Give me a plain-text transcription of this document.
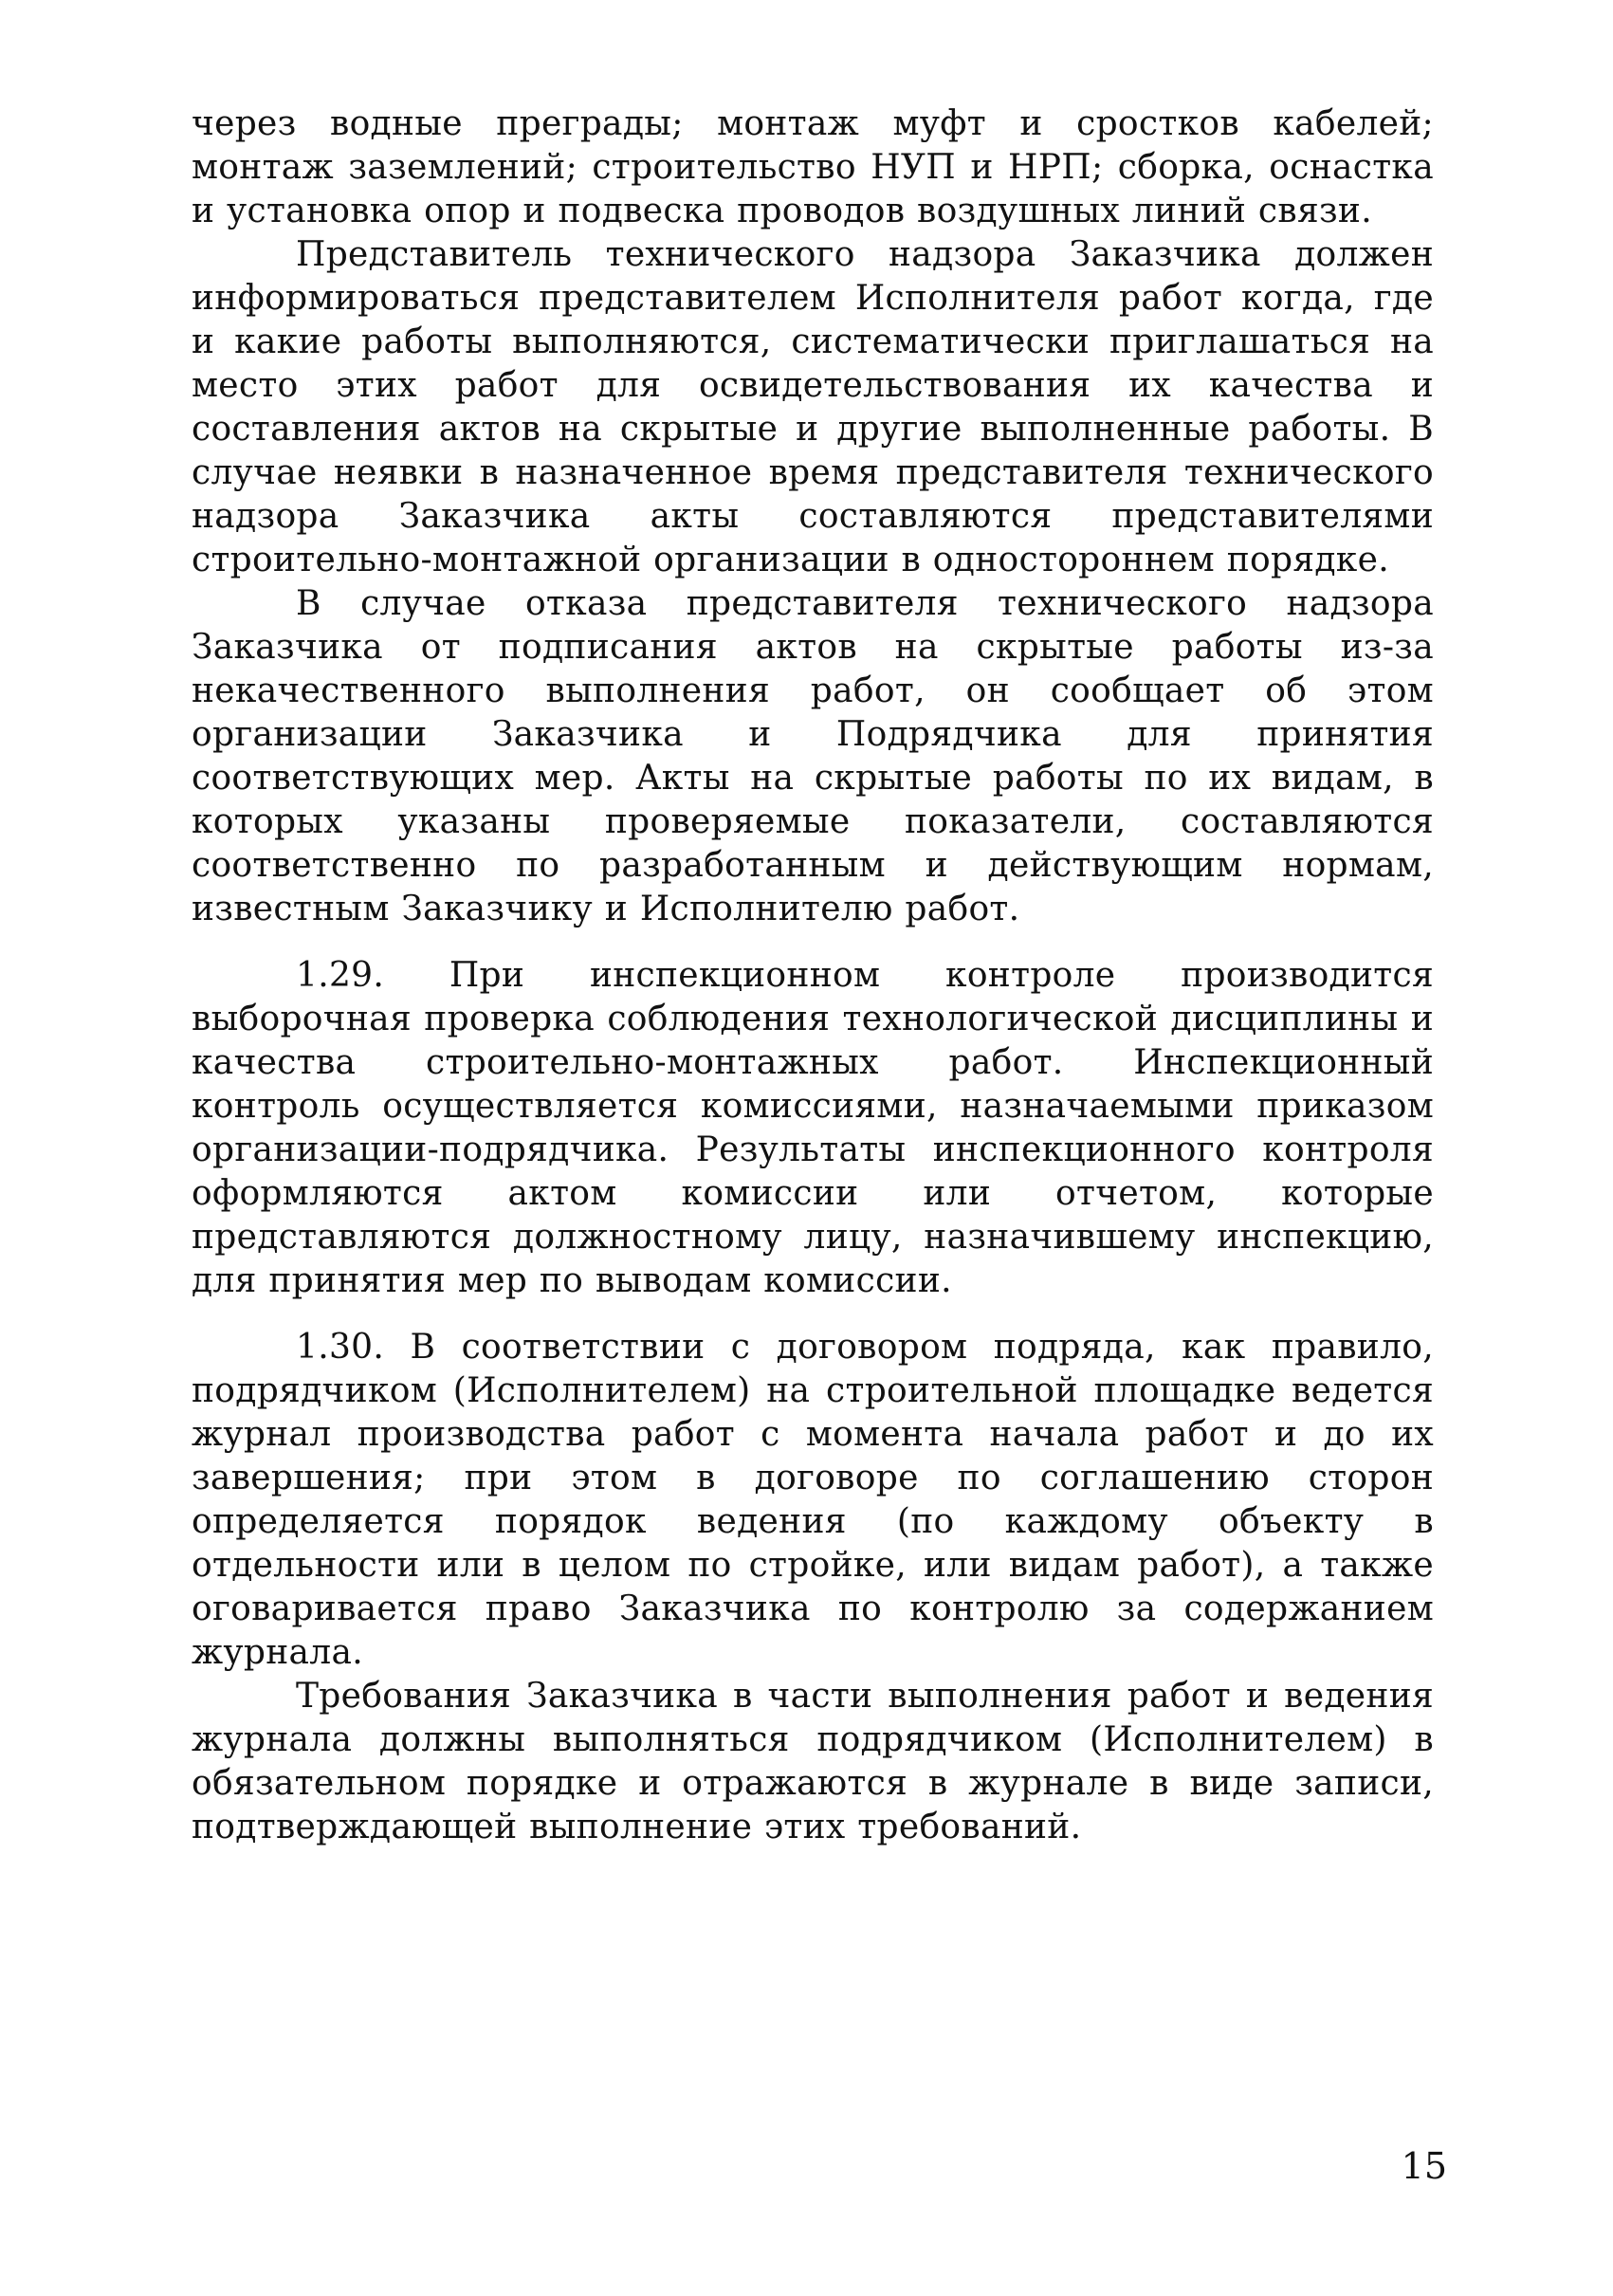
через водные преграды; монтаж муфт и сростков кабелей; монтаж заземлений; строительство НУП и НРП; сборка, оснастка и установка опор и подвеска проводов воздушных линий связи.

Представитель технического надзора Заказчика должен информироваться представителем Исполнителя работ когда, где и какие работы выполняются, систематически приглашаться на место этих работ для освидетельствования их качества и составления актов на скрытые и другие выполненные работы. В случае неявки в назначенное время представителя технического надзора Заказчика акты составляются представителями строительно-монтажной организации в одностороннем порядке.

В случае отказа представителя технического надзора Заказчика от подписания актов на скрытые работы из-за некачественного выполнения работ, он сообщает об этом организации Заказчика и Подрядчика для принятия соответствующих мер. Акты на скрытые работы по их видам, в которых указаны проверяемые показатели, составляются соответственно по разработанным и действующим нормам, известным Заказчику и Исполнителю работ.

1.29. При инспекционном контроле производится выборочная проверка соблюдения технологической дисциплины и качества строительно-монтажных работ. Инспекционный контроль осуществляется комиссиями, назначаемыми приказом организации-подрядчика. Результаты инспекционного контроля оформляются актом комиссии или отчетом, которые представляются должностному лицу, назначившему инспекцию, для принятия мер по выводам комиссии.

1.30. В соответствии с договором подряда, как правило, подрядчиком (Исполнителем) на строительной площадке ведется журнал производства работ с момента начала работ и до их завершения; при этом в договоре по соглашению сторон определяется порядок ведения (по каждому объекту в отдельности или в целом по стройке, или видам работ), а также оговаривается право Заказчика по контролю за содержанием журнала.

Требования Заказчика в части выполнения работ и ведения журнала должны выполняться подрядчиком (Исполнителем) в обязательном порядке и отражаются в журнале в виде записи, подтверждающей выполнение этих требований.

15
